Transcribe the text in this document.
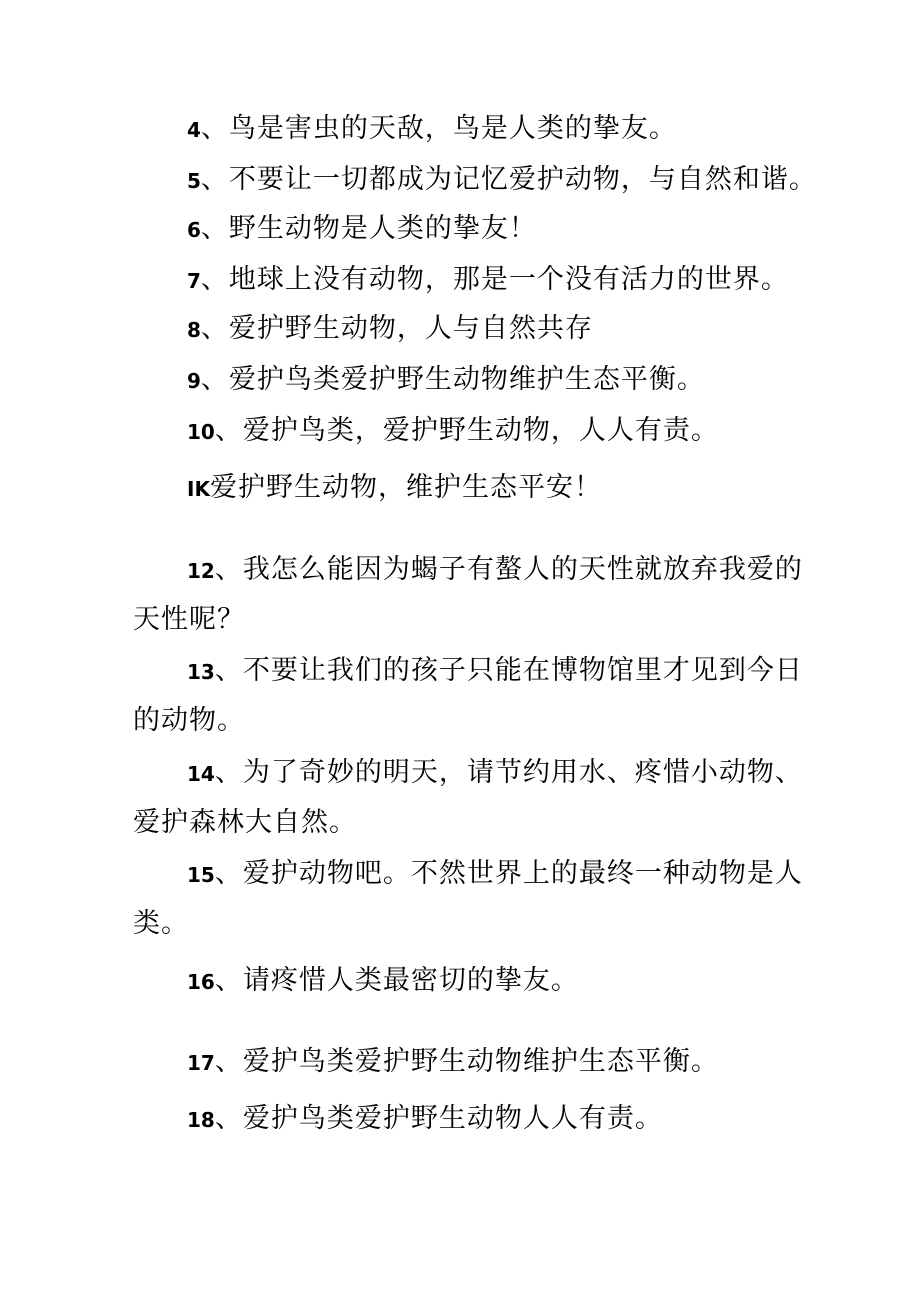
4、鸟是害虫的天敌，鸟是人类的挚友。
5、不要让一切都成为记忆爱护动物，与自然和谐。
6、野生动物是人类的挚友！
7、地球上没有动物，那是一个没有活力的世界。
8、爱护野生动物，人与自然共存
9、爱护鸟类爱护野生动物维护生态平衡。
10、爱护鸟类，爱护野生动物，人人有责。
IK爱护野生动物，维护生态平安！
12、我怎么能因为蝎子有螯人的天性就放弃我爱的
天性呢？
13、不要让我们的孩子只能在博物馆里才见到今日
的动物。
14、为了奇妙的明天，请节约用水、疼惜小动物、
爱护森林大自然。
15、爱护动物吧。不然世界上的最终一种动物是人
类。
16、请疼惜人类最密切的挚友。
17、爱护鸟类爱护野生动物维护生态平衡。
18、爱护鸟类爱护野生动物人人有责。
